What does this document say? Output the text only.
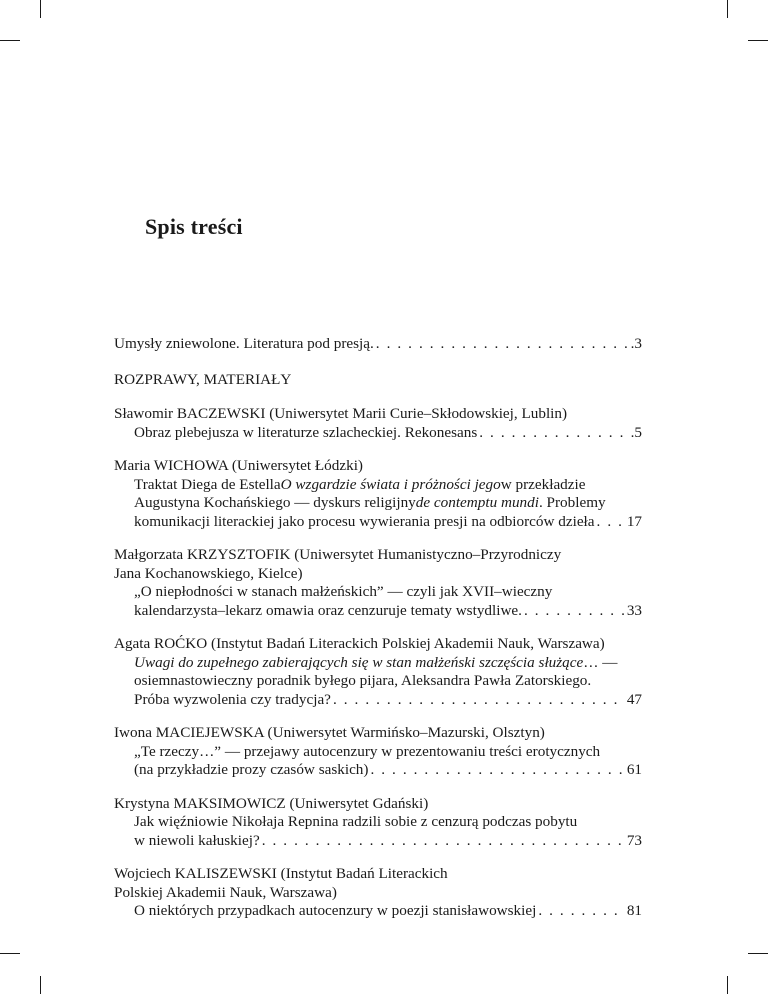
Spis treści
Umysły zniewolone. Literatura pod presją. . . .	.3
ROZPRAWY, MATERIAŁY
Sławomir BACZEWSKI (Uniwersytet Marii Curie–Skłodowskiej, Lublin)
Obraz plebejusza w literaturze szlacheckiej. Rekonesans . . .	.5
Maria WICHOWA (Uniwersytet Łódzki)
Traktat Diega de Estella O wzgardzie świata i próżności jego w przekładzie
Augustyna Kochańskiego — dyskurs religijny de contemptu mundi . Problemy
komunikacji literackiej jako procesu wywierania presji na odbiorców dzieła . . . 17
Małgorzata KRZYSZTOFIK (Uniwersytet Humanistyczno–Przyrodniczy
Jana Kochanowskiego, Kielce)
„O niepłodności w stanach małżeńskich” — czyli jak XVII–wieczny
kalendarzysta–lekarz omawia oraz cenzuruje tematy wstydliwe. . . .	33
Agata ROĆKO (Instytut Badań Literackich Polskiej Akademii Nauk, Warszawa)
Uwagi do zupełnego zabierających się w stan małżeński szczęścia służące … —
osiemnastowieczny poradnik byłego pijara, Aleksandra Pawła Zatorskiego.
Próba wyzwolenia czy tradycja? . . .	47
Iwona MACIEJEWSKA (Uniwersytet Warmińsko–Mazurski, Olsztyn)
„Te rzeczy…” — przejawy autocenzury w prezentowaniu treści erotycznych
(na przykładzie prozy czasów saskich) . . .	61
Krystyna MAKSIMOWICZ (Uniwersytet Gdański)
Jak więźniowie Nikołaja Repnina radzili sobie z cenzurą podczas pobytu
w niewoli kałuskiej? . . .	73
Wojciech KALISZEWSKI (Instytut Badań Literackich
Polskiej Akademii Nauk, Warszawa)
O niektórych przypadkach autocenzury w poezji stanisławowskiej . . .	81
